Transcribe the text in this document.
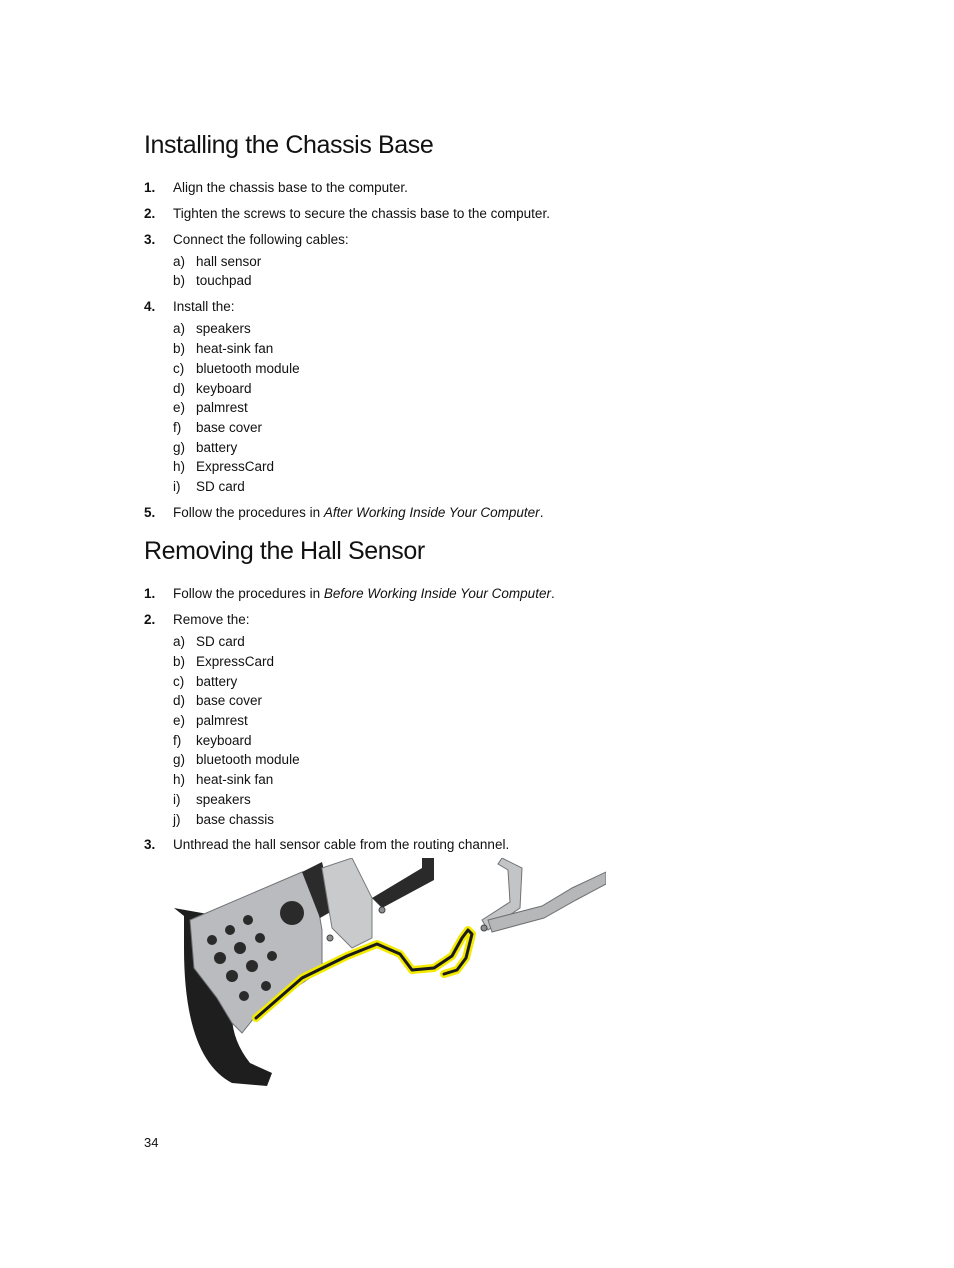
Installing the Chassis Base
1. Align the chassis base to the computer.
2. Tighten the screws to secure the chassis base to the computer.
3. Connect the following cables:
a) hall sensor
b) touchpad
4. Install the:
a) speakers
b) heat-sink fan
c) bluetooth module
d) keyboard
e) palmrest
f) base cover
g) battery
h) ExpressCard
i) SD card
5. Follow the procedures in After Working Inside Your Computer.
Removing the Hall Sensor
1. Follow the procedures in Before Working Inside Your Computer.
2. Remove the:
a) SD card
b) ExpressCard
c) battery
d) base cover
e) palmrest
f) keyboard
g) bluetooth module
h) heat-sink fan
i) speakers
j) base chassis
3. Unthread the hall sensor cable from the routing channel.
34
